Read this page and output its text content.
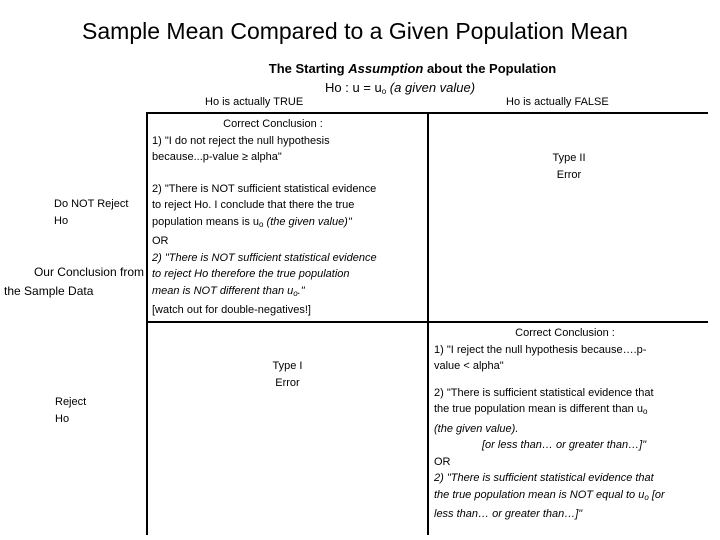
Sample Mean Compared to a Given Population Mean
The Starting Assumption about the Population
Ho : $u = u_o$ (a given value)
Ho is actually TRUE	Ho is actually FALSE
Our Conclusion from
the Sample Data
Do NOT Reject
Ho
Reject
Ho
Correct Conclusion :
1) "I do not reject the null hypothesis
because...p-value ≥ alpha"
2) "There is NOT sufficient statistical evidence
to reject Ho. I conclude that there the true
population means is uo (the given value)"
OR
2) "There is NOT sufficient statistical evidence
to reject Ho therefore the true population
mean is NOT different than uo."
[watch out for double-negatives!]
Type II
Error
Type I
Error
Correct Conclusion :
1) "I reject the null hypothesis because….p-
value < alpha"
2) "There is sufficient statistical evidence that
the true population mean is different than uo
(the given value).
[or less than… or greater than…]"
OR
2) "There is sufficient statistical evidence that
the true population mean is NOT equal to uo [or
less than… or greater than…]"
